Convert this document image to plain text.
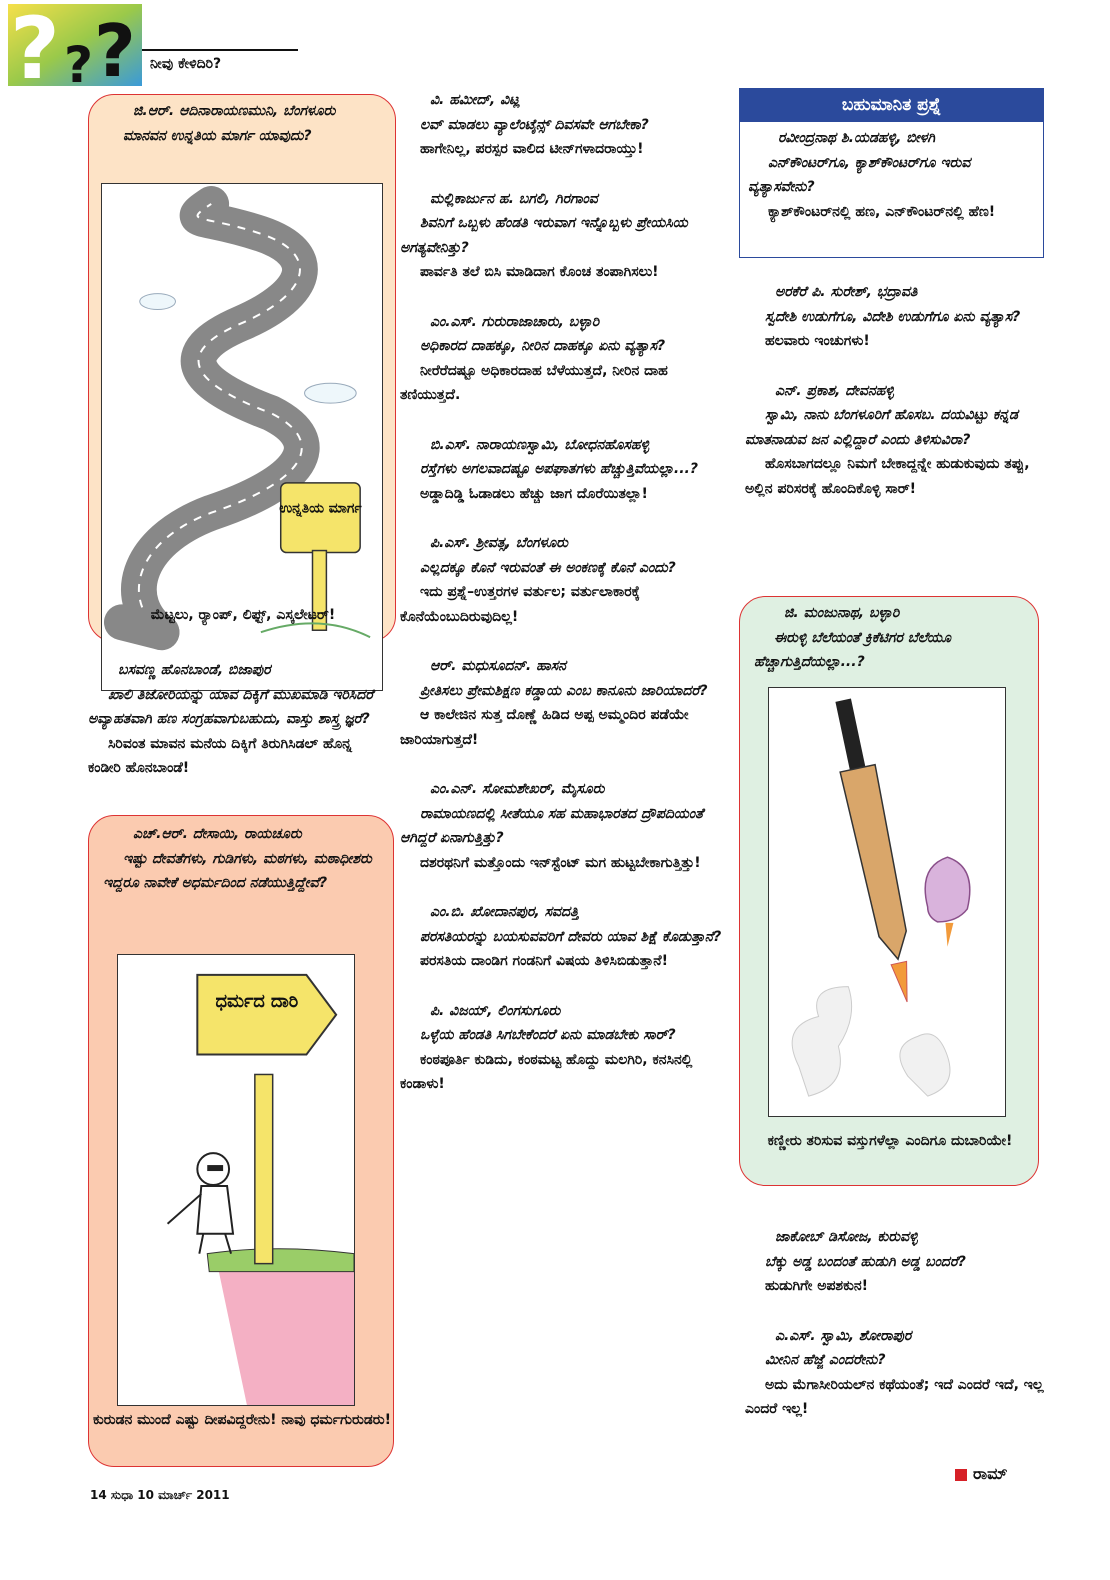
? ? ? ನೀವು ಕೇಳಿದಿರಿ?

ಜಿ.ಆರ್. ಆದಿನಾರಾಯಣಮುನಿ, ಬೆಂಗಳೂರು

ಮಾನವನ ಉನ್ನತಿಯ ಮಾರ್ಗ ಯಾವುದು?

ಉನ್ನತಿಯ ಮಾರ್ಗ
ಮೆಟ್ಟಲು, ರ್‍ಯಾಂಪ್, ಲಿಫ್ಟ್, ಎಸ್ಕಲೇಟರ್!

ಬಸವಣ್ಣ ಹೊನಬಾಂಡೆ, ಬಿಜಾಪುರ

ಖಾಲಿ ತಿಜೋರಿಯನ್ನು ಯಾವ ದಿಕ್ಕಿಗೆ ಮುಖಮಾಡಿ ಇರಿಸಿದರೆ ಅವ್ಯಾಹತವಾಗಿ ಹಣ ಸಂಗ್ರಹವಾಗುಬಹುದು, ವಾಸ್ತು ಶಾಸ್ತ್ರ ಜ್ಞರೆ?

ಸಿರಿವಂತ ಮಾವನ ಮನೆಯ ದಿಕ್ಕಿಗೆ ತಿರುಗಿಸಿಡಲ್ ಹೊನ್ನ ಕಂಡೀರಿ ಹೊನಬಾಂಡೆ!

ಎಚ್.ಆರ್. ದೇಸಾಯಿ, ರಾಯಚೂರು

ಇಷ್ಟು ದೇವತೆಗಳು, ಗುಡಿಗಳು, ಮಠಗಳು, ಮಠಾಧೀಶರು ಇದ್ದರೂ ನಾವೇಕೆ ಅಧರ್ಮದಿಂದ ನಡೆಯುತ್ತಿದ್ದೇವೆ?

ಧರ್ಮದ ದಾರಿ
ಕುರುಡನ ಮುಂದೆ ಎಷ್ಟು ದೀಪವಿದ್ದರೇನು! ನಾವು ಧರ್ಮಗುರುಡರು!

ವಿ. ಹಮೀದ್, ವಿಟ್ಲ

ಲವ್ ಮಾಡಲು ವ್ಯಾಲೆಂಟೈನ್ಸ್ ದಿವಸವೇ ಆಗಬೇಕಾ?

ಹಾಗೇನಿಲ್ಲ, ಪರಸ್ಪರ ವಾಲಿದ ಟೀನ್‌ಗಳಾದರಾಯ್ತು!

ಮಲ್ಲಿಕಾರ್ಜುನ ಹ. ಬಗಲಿ, ಗಿರಗಾಂವ

ಶಿವನಿಗೆ ಒಬ್ಬಳು ಹೆಂಡತಿ ಇರುವಾಗ ಇನ್ನೊಬ್ಬಳು ಪ್ರೇಯಸಿಯ ಅಗತ್ಯವೇನಿತ್ತು?

ಪಾರ್ವತಿ ತಲೆ ಬಿಸಿ ಮಾಡಿದಾಗ ಕೊಂಚ ತಂಪಾಗಿಸಲು!

ಎಂ.ಎಸ್. ಗುರುರಾಜಾಚಾರು, ಬಳ್ಳಾರಿ

ಅಧಿಕಾರದ ದಾಹಕ್ಕೂ, ನೀರಿನ ದಾಹಕ್ಕೂ ಏನು ವ್ಯತ್ಯಾಸ?

ನೀರೆರೆದಷ್ಟೂ ಅಧಿಕಾರದಾಹ ಬೆಳೆಯುತ್ತದೆ, ನೀರಿನ ದಾಹ ತಣಿಯುತ್ತದೆ.

ಬಿ.ಎಸ್. ನಾರಾಯಣಸ್ವಾಮಿ, ಬೋಧನಹೊಸಹಳ್ಳಿ

ರಸ್ತೆಗಳು ಅಗಲವಾದಷ್ಟೂ ಅಪಘಾತಗಳು ಹೆಚ್ಚುತ್ತಿವೆಯಲ್ಲಾ...?

ಅಡ್ಡಾದಿಡ್ಡಿ ಓಡಾಡಲು ಹೆಚ್ಚು ಜಾಗ ದೊರೆಯಿತಲ್ಲಾ!

ಪಿ.ಎಸ್. ಶ್ರೀವತ್ಸ, ಬೆಂಗಳೂರು

ಎಲ್ಲದಕ್ಕೂ ಕೊನೆ ಇರುವಂತೆ ಈ ಅಂಕಣಕ್ಕೆ ಕೊನೆ ಎಂದು?

ಇದು ಪ್ರಶ್ನೆ–ಉತ್ತರಗಳ ವರ್ತುಲ; ವರ್ತುಲಾಕಾರಕ್ಕೆ ಕೊನೆಯೆಂಬುದಿರುವುದಿಲ್ಲ!

ಆರ್. ಮಧುಸೂದನ್. ಹಾಸನ

ಪ್ರೀತಿಸಲು ಪ್ರೇಮಶಿಕ್ಷಣ ಕಡ್ಡಾಯ ಎಂಬ ಕಾನೂನು ಜಾರಿಯಾದರೆ?

ಆ ಕಾಲೇಜಿನ ಸುತ್ತ ದೊಣ್ಣೆ ಹಿಡಿದ ಅಪ್ಪ ಅಮ್ಮಂದಿರ ಪಡೆಯೇ ಜಾರಿಯಾಗುತ್ತದೆ!

ಎಂ.ಎನ್. ಸೋಮಶೇಖರ್, ಮೈಸೂರು

ರಾಮಾಯಣದಲ್ಲಿ ಸೀತೆಯೂ ಸಹ ಮಹಾಭಾರತದ ದ್ರೌಪದಿಯಂತೆ ಆಗಿದ್ದರೆ ಏನಾಗುತ್ತಿತ್ತು?

ದಶರಥನಿಗೆ ಮತ್ತೊಂದು ಇನ್‌ಸ್ಟೆಂಟ್ ಮಗ ಹುಟ್ಟಬೇಕಾಗುತ್ತಿತ್ತು!

ಎಂ.ಬಿ. ಖೋದಾನಪುರ, ಸವದತ್ತಿ

ಪರಸತಿಯರನ್ನು ಬಯಸುವವರಿಗೆ ದೇವರು ಯಾವ ಶಿಕ್ಷೆ ಕೊಡುತ್ತಾನೆ?

ಪರಸತಿಯ ದಾಂಡಿಗ ಗಂಡನಿಗೆ ವಿಷಯ ತಿಳಿಸಿಬಿಡುತ್ತಾನೆ!

ಪಿ. ವಿಜಯ್, ಲಿಂಗಸುಗೂರು

ಒಳ್ಳೆಯ ಹೆಂಡತಿ ಸಿಗಬೇಕೆಂದರೆ ಏನು ಮಾಡಬೇಕು ಸಾರ್?

ಕಂಠಪೂರ್ತಿ ಕುಡಿದು, ಕಂಠಮಟ್ಟ ಹೊದ್ದು ಮಲಗಿರಿ, ಕನಸಿನಲ್ಲಿ ಕಂಡಾಳು!

ಬಹುಮಾನಿತ ಪ್ರಶ್ನೆ

ರವೀಂದ್ರನಾಥ ಶಿ.ಯಡಹಳ್ಳಿ, ಬೀಳಗಿ

ಎನ್‌ಕೌಂಟರ್‌ಗೂ, ಕ್ಯಾಶ್‌ಕೌಂಟರ್‌ಗೂ ಇರುವ ವ್ಯತ್ಯಾಸವೇನು?

ಕ್ಯಾಶ್‌ಕೌಂಟರ್‌ನಲ್ಲಿ ಹಣ, ಎನ್‌ಕೌಂಟರ್‌ನಲ್ಲಿ ಹೆಣ!

ಅರಕೆರೆ ಪಿ. ಸುರೇಶ್, ಭದ್ರಾವತಿ

ಸ್ವದೇಶಿ ಉಡುಗೆಗೂ, ವಿದೇಶಿ ಉಡುಗೆಗೂ ಏನು ವ್ಯತ್ಯಾಸ?

ಹಲವಾರು ಇಂಚುಗಳು!

ಎನ್. ಪ್ರಕಾಶ, ದೇವನಹಳ್ಳಿ

ಸ್ವಾಮಿ, ನಾನು ಬೆಂಗಳೂರಿಗೆ ಹೊಸಬ. ದಯವಿಟ್ಟು ಕನ್ನಡ ಮಾತನಾಡುವ ಜನ ಎಲ್ಲಿದ್ದಾರೆ ಎಂದು ತಿಳಿಸುವಿರಾ?

ಹೊಸಬಾಗದಲ್ಲೂ ನಿಮಗೆ ಬೇಕಾದ್ದನ್ನೇ ಹುಡುಕುವುದು ತಪ್ಪು, ಅಲ್ಲಿನ ಪರಿಸರಕ್ಕೆ ಹೊಂದಿಕೊಳ್ಳಿ ಸಾರ್!

ಜಿ. ಮಂಜುನಾಥ, ಬಳ್ಳಾರಿ

ಈರುಳ್ಳಿ ಬೆಲೆಯಂತೆ ಕ್ರಿಕೆಟಿಗರ ಬೆಲೆಯೂ ಹೆಚ್ಚಾಗುತ್ತಿದೆಯಲ್ಲಾ...?

ಕಣ್ಣೀರು ತರಿಸುವ ವಸ್ತುಗಳೆಲ್ಲಾ ಎಂದಿಗೂ ದುಬಾರಿಯೇ!

ಜಾಕೋಬ್ ಡಿಸೋಜ, ಕುರುವಳ್ಳಿ

ಬೆಕ್ಕು ಅಡ್ಡ ಬಂದಂತೆ ಹುಡುಗಿ ಅಡ್ಡ ಬಂದರೆ?

ಹುಡುಗಿಗೇ ಅಪಶಕುನ!

ಎ.ಎಸ್. ಸ್ವಾಮಿ, ಶೋರಾಪುರ

ಮೀನಿನ ಹೆಜ್ಜೆ ಎಂದರೇನು?

ಅದು ಮೆಗಾಸೀರಿಯಲ್‌ನ ಕಥೆಯಂತೆ; ಇದೆ ಎಂದರೆ ಇದೆ, ಇಲ್ಲ ಎಂದರೆ ಇಲ್ಲ!

14 ಸುಧಾ 10 ಮಾರ್ಚ್ 2011
ರಾಮ್
